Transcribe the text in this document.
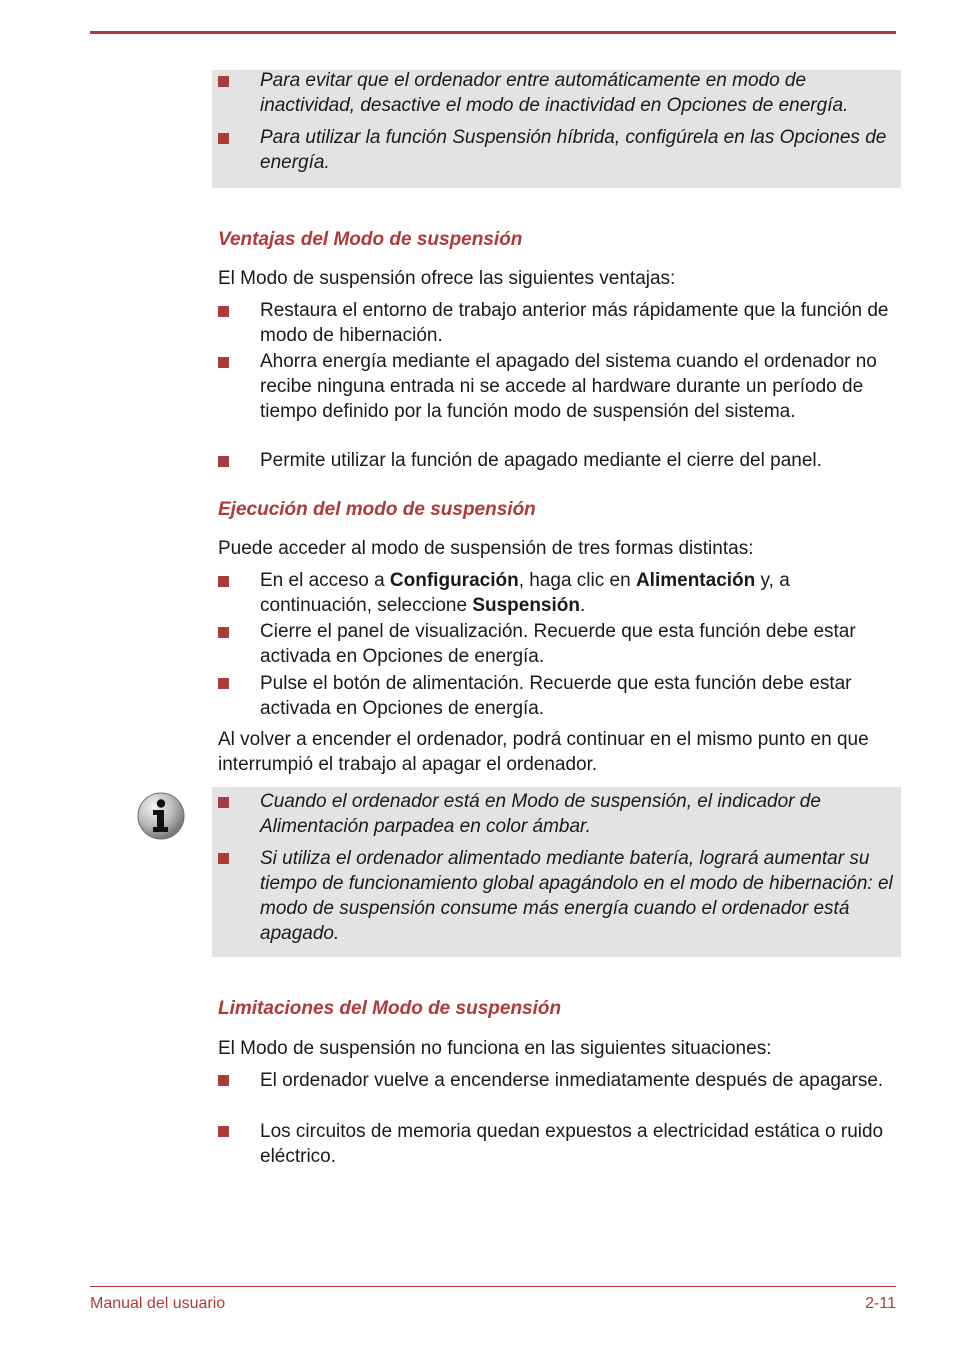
Para evitar que el ordenador entre automáticamente en modo de inactividad, desactive el modo de inactividad en Opciones de energía.
Para utilizar la función Suspensión híbrida, configúrela en las Opciones de energía.
Ventajas del Modo de suspensión
El Modo de suspensión ofrece las siguientes ventajas:
Restaura el entorno de trabajo anterior más rápidamente que la función de modo de hibernación.
Ahorra energía mediante el apagado del sistema cuando el ordenador no recibe ninguna entrada ni se accede al hardware durante un período de tiempo definido por la función modo de suspensión del sistema.
Permite utilizar la función de apagado mediante el cierre del panel.
Ejecución del modo de suspensión
Puede acceder al modo de suspensión de tres formas distintas:
En el acceso a Configuración, haga clic en Alimentación y, a continuación, seleccione Suspensión.
Cierre el panel de visualización. Recuerde que esta función debe estar activada en Opciones de energía.
Pulse el botón de alimentación. Recuerde que esta función debe estar activada en Opciones de energía.
Al volver a encender el ordenador, podrá continuar en el mismo punto en que interrumpió el trabajo al apagar el ordenador.
Cuando el ordenador está en Modo de suspensión, el indicador de Alimentación parpadea en color ámbar.
Si utiliza el ordenador alimentado mediante batería, logrará aumentar su tiempo de funcionamiento global apagándolo en el modo de hibernación: el modo de suspensión consume más energía cuando el ordenador está apagado.
Limitaciones del Modo de suspensión
El Modo de suspensión no funciona en las siguientes situaciones:
El ordenador vuelve a encenderse inmediatamente después de apagarse.
Los circuitos de memoria quedan expuestos a electricidad estática o ruido eléctrico.
Manual del usuario	2-11
